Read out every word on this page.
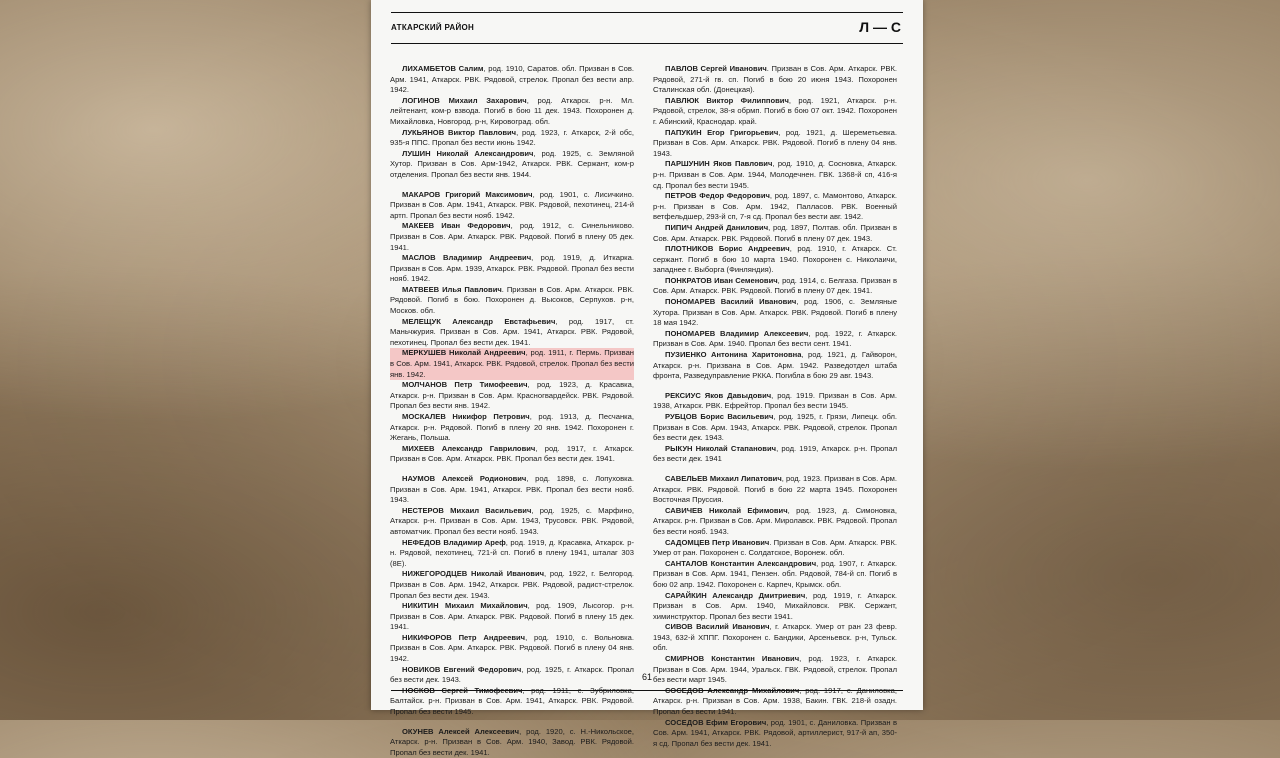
АТКАРСКИЙ РАЙОН	Л — С

ЛИХАМБЕТОВ Салим, род. 1910, Саратов. обл. Призван в Сов. Арм. 1941, Аткарск. РВК. Рядовой, стрелок. Пропал без вести апр. 1942.

ЛОГИНОВ Михаил Захарович, род. Аткарск. р-н. Мл. лейтенант, ком-р взвода. Погиб в бою 11 дек. 1943. Похоронен д. Михайловка, Новгород. р-н, Кировоград. обл.

ЛУКЬЯНОВ Виктор Павлович, род. 1923, г. Аткарск, 2-й обс, 935-я ППС. Пропал без вести июнь 1942.

ЛУШИН Николай Александрович, род. 1925, с. Земляной Хутор. Призван в Сов. Арм-1942, Аткарск. РВК. Сержант, ком-р отделения. Пропал без вести янв. 1944.

МАКАРОВ Григорий Максимович, род. 1901, с. Лисичкино. Призван в Сов. Арм. 1941, Аткарск. РВК. Рядовой, пехотинец, 214-й артп. Пропал без вести нояб. 1942.

МАКЕЕВ Иван Федорович, род. 1912, с. Синельниково. Призван в Сов. Арм. Аткарск. РВК. Рядовой. Погиб в плену 05 дек. 1941.

МАСЛОВ Владимир Андреевич, род. 1919, д. Иткарка. Призван в Сов. Арм. 1939, Аткарск. РВК. Рядовой. Пропал без вести нояб. 1942.

МАТВЕЕВ Илья Павлович. Призван в Сов. Арм. Аткарск. РВК. Рядовой. Погиб в бою. Похоронен д. Высоков, Серпухов. р-н, Москов. обл.

МЕЛЕЩУК Александр Евстафьевич, род. 1917, ст. Маньчжурия. Призван в Сов. Арм. 1941, Аткарск. РВК. Рядовой, пехотинец. Пропал без вести дек. 1941.

МЕРКУШЕВ Николай Андреевич, род. 1911, г. Пермь. Призван в Сов. Арм. 1941, Аткарск. РВК. Рядовой, стрелок. Пропал без вести янв. 1942.

МОЛЧАНОВ Петр Тимофеевич, род. 1923, д. Красавка, Аткарск. р-н. Призван в Сов. Арм. Красногвардейск. РВК. Рядовой. Пропал без вести янв. 1942.

МОСКАЛЕВ Никифор Петрович, род. 1913, д. Песчанка, Аткарск. р-н. Рядовой. Погиб в плену 20 янв. 1942. Похоронен г. Жегань, Польша.

МИХЕЕВ Александр Гаврилович, род. 1917, г. Аткарск. Призван в Сов. Арм. Аткарск. РВК. Пропал без вести дек. 1941.

НАУМОВ Алексей Родионович, род. 1898, с. Лопуховка. Призван в Сов. Арм. 1941, Аткарск. РВК. Пропал без вести нояб. 1943.

НЕСТЕРОВ Михаил Васильевич, род. 1925, с. Марфино, Аткарск. р-н. Призван в Сов. Арм. 1943, Трусовск. РВК. Рядовой, автоматчик. Пропал без вести нояб. 1943.

НЕФЕДОВ Владимир Ареф, род. 1919, д. Красавка, Аткарск. р-н. Рядовой, пехотинец, 721-й сп. Погиб в плену 1941, шталаг 303 (8Е).

НИЖЕГОРОДЦЕВ Николай Иванович, род. 1922, г. Белгород. Призван в Сов. Арм. 1942, Аткарск. РВК. Рядовой, радист-стрелок. Пропал без вести дек. 1943.

НИКИТИН Михаил Михайлович, род. 1909, Лысогор. р-н. Призван в Сов. Арм. Аткарск. РВК. Рядовой. Погиб в плену 15 дек. 1941.

НИКИФОРОВ Петр Андреевич, род. 1910, с. Вольновка. Призван в Сов. Арм. Аткарск. РВК. Рядовой. Погиб в плену 04 янв. 1942.

НОВИКОВ Евгений Федорович, род. 1925, г. Аткарск. Пропал без вести дек. 1943.

НОСКОВ Сергей Тимофеевич, род. 1911, с. Зубриловка, Балтайск. р-н. Призван в Сов. Арм. 1941, Аткарск. РВК. Рядовой. Пропал без вести 1945.

ОКУНЕВ Алексей Алексеевич, род. 1920, с. Н.-Никольское, Аткарск. р-н. Призван в Сов. Арм. 1940, Завод. РВК. Рядовой. Пропал без вести дек. 1941.

ПАВЛОВ Сергей Иванович. Призван в Сов. Арм. Аткарск. РВК. Рядовой, 271-й гв. сп. Погиб в бою 20 июня 1943. Похоронен Сталинская обл. (Донецкая).

ПАВЛЮК Виктор Филиппович, род. 1921, Аткарск. р-н. Рядовой, стрелок, 38-я обрмп. Погиб в бою 07 окт. 1942. Похоронен г. Абинский, Краснодар. край.

ПАПУКИН Егор Григорьевич, род. 1921, д. Шереметьевка. Призван в Сов. Арм. Аткарск. РВК. Рядовой. Погиб в плену 04 янв. 1943.

ПАРШУНИН Яков Павлович, род. 1910, д. Сосновка, Аткарск. р-н. Призван в Сов. Арм. 1944, Молодечнен. ГВК. 1368-й сп, 416-я сд. Пропал без вести 1945.

ПЕТРОВ Федор Федорович, род. 1897, с. Мамонтово, Аткарск. р-н. Призван в Сов. Арм. 1942, Палласов. РВК. Военный ветфельдшер, 293-й сп, 7-я сд. Пропал без вести авг. 1942.

ПИПИЧ Андрей Данилович, род. 1897, Полтав. обл. Призван в Сов. Арм. Аткарск. РВК. Рядовой. Погиб в плену 07 дек. 1943.

ПЛОТНИКОВ Борис Андреевич, род. 1910, г. Аткарск. Ст. сержант. Погиб в бою 10 марта 1940. Похоронен с. Николаичи, западнее г. Выборга (Финляндия).

ПОНКРАТОВ Иван Семенович, род. 1914, с. Белгаза. Призван в Сов. Арм. Аткарск. РВК. Рядовой. Погиб в плену 07 дек. 1941.

ПОНОМАРЕВ Василий Иванович, род. 1906, с. Земляные Хутора. Призван в Сов. Арм. Аткарск. РВК. Рядовой. Погиб в плену 18 мая 1942.

ПОНОМАРЕВ Владимир Алексеевич, род. 1922, г. Аткарск. Призван в Сов. Арм. 1940. Пропал без вести сент. 1941.

ПУЗИЕНКО Антонина Харитоновна, род. 1921, д. Гайворон, Аткарск. р-н. Призвана в Сов. Арм. 1942. Разведотдел штаба фронта, Разведуправление РККА. Погибла в бою 29 авг. 1943.

РЕКСИУС Яков Давыдович, род. 1919. Призван в Сов. Арм. 1938, Аткарск. РВК. Ефрейтор. Пропал без вести 1945.

РУБЦОВ Борис Васильевич, род. 1925, г. Грязи, Липецк. обл. Призван в Сов. Арм. 1943, Аткарск. РВК. Рядовой, стрелок. Пропал без вести дек. 1943.

РЫКУН Николай Стапанович, род. 1919, Аткарск. р-н. Пропал без вести дек. 1941

САВЕЛЬЕВ Михаил Липатович, род. 1923. Призван в Сов. Арм. Аткарск. РВК. Рядовой. Погиб в бою 22 марта 1945. Похоронен Восточная Пруссия.

САВИЧЕВ Николай Ефимович, род. 1923, д. Симоновка, Аткарск. р-н. Призван в Сов. Арм. Миролавск. РВК. Рядовой. Пропал без вести нояб. 1943.

САДОМЦЕВ Петр Иванович. Призван в Сов. Арм. Аткарск. РВК. Умер от ран. Похоронен с. Солдатское, Воронеж. обл.

САНТАЛОВ Константин Александрович, род. 1907, г. Аткарск. Призван в Сов. Арм. 1941, Пензен. обл. Рядовой, 784-й сп. Погиб в бою 02 апр. 1942. Похоронен с. Карпеч, Крымск. обл.

САРАЙКИН Александр Дмитриевич, род. 1919, г. Аткарск. Призван в Сов. Арм. 1940, Михайловск. РВК. Сержант, химинструктор. Пропал без вести 1941.

СИВОВ Василий Иванович, г. Аткарск. Умер от ран 23 февр. 1943, 632-й ХППГ. Похоронен с. Бандики, Арсеньевск. р-н, Тульск. обл.

СМИРНОВ Константин Иванович, род. 1923, г. Аткарск. Призван в Сов. Арм. 1944, Уральск. ГВК. Рядовой, стрелок. Пропал без вести март 1945.

СОСЕДОВ Александр Михайлович, род. 1917, с. Даниловка, Аткарск. р-н. Призван в Сов. Арм. 1938, Бакин. ГВК. 218-й озадн. Пропал без вести 1941.

СОСЕДОВ Ефим Егорович, род. 1901, с. Даниловка. Призван в Сов. Арм. 1941, Аткарск. РВК. Рядовой, артиллерист, 917-й ап, 350-я сд. Пропал без вести дек. 1941.

61
